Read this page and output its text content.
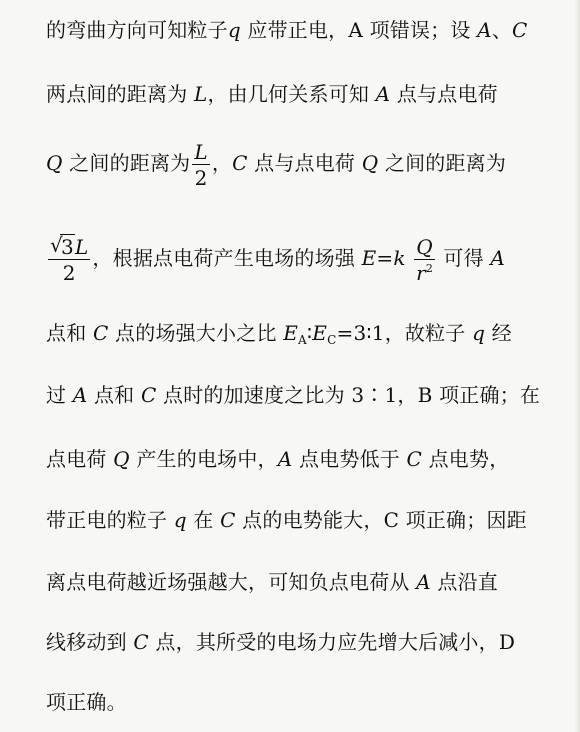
的弯曲方向可知粒子q 应带正电，A 项错误；设 A、C
两点间的距离为 L，由几何关系可知 A 点与点电荷
Q 之间的距离为 $\frac{L}{2}$ ，C 点与点电荷 Q 之间的距离为
√
3L
2 ，根据点电荷产生电场的场强 $E=k \frac{Q}{r^2}$ 可得 A
点和 C 点的场强大小之比 $E_A∶E_C=3∶1$，故粒子 q 经
过 A 点和 C 点时的加速度之比为 3∶1，B 项正确；在
点电荷 Q 产生的电场中，A 点电势低于 C 点电势，
带正电的粒子 q 在 C 点的电势能大，C 项正确；因距
离点电荷越近场强越大，可知负点电荷从 A 点沿直
线移动到 C 点，其所受的电场力应先增大后减小，D
项正确。
